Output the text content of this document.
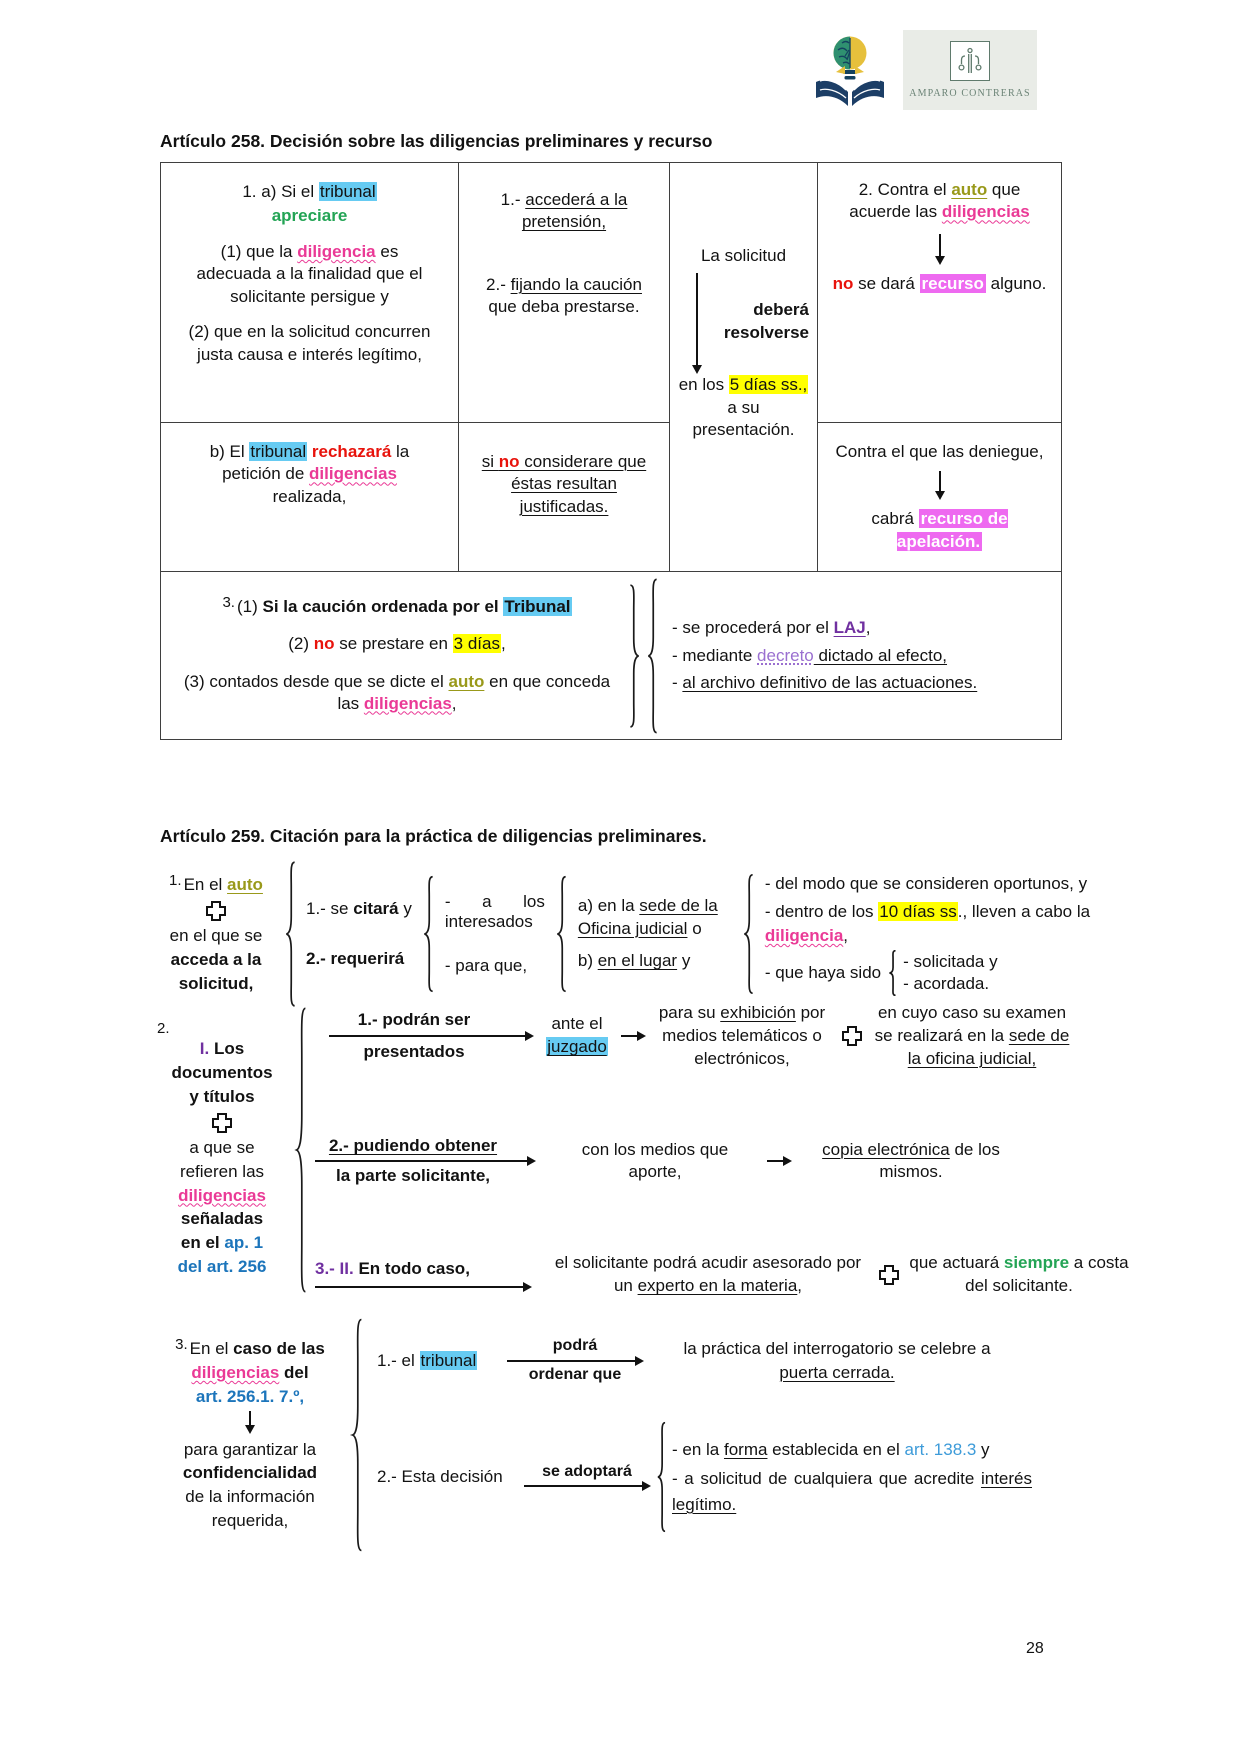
AMPARO CONTRERAS
Artículo 258. Decisión sobre las diligencias preliminares y recurso
1. a) Si el tribunal
apreciare
(1) que la diligencia es adecuada a la finalidad que el solicitante persigue y
(2) que en la solicitud concurren justa causa e interés legítimo,
1.- accederá a la pretensión,
2.- fijando la caución que deba prestarse.
La solicitud
deberá resolverse
en los 5 días ss., a su presentación.
2. Contra el auto que acuerde las diligencias
no se dará recurso alguno.
b) El tribunal rechazará la petición de diligencias realizada,
si no considerare que éstas resultan justificadas.
Contra el que las deniegue,
cabrá recurso de apelación.
3. (1) Si la caución ordenada por el Tribunal
(2) no se prestare en 3 días,
(3) contados desde que se dicte el auto en que conceda las diligencias,
- se procederá por el LAJ,
- mediante decreto dictado al efecto,
- al archivo definitivo de las actuaciones.
Artículo 259. Citación para la práctica de diligencias preliminares.
1. En el auto
en el que se
acceda a la
solicitud,
1.- se citará y
2.- requerirá
- a los interesados
- para que,
a) en la sede de la Oficina judicial o
b) en el lugar y
- del modo que se consideren oportunos, y
- dentro de los 10 días ss., lleven a cabo la diligencia,
- que haya sido
- solicitada y
- acordada.
2.
I. Los
documentos
y títulos
a que se
refieren las
diligencias
señaladas
en el ap. 1
del art. 256
1.- podrán ser
presentados
ante el
juzgado
para su exhibición por medios telemáticos o electrónicos,
en cuyo caso su examen se realizará en la sede de la oficina judicial,
2.- pudiendo obtener
la parte solicitante,
con los medios que aporte,
copia electrónica de los mismos.
3.- II. En todo caso,	el solicitante podrá acudir asesorado por un experto en la materia,
que actuará siempre a costa del solicitante.
3. En el caso de las
diligencias del
art. 256.1. 7.º,
para garantizar la
confidencialidad
de la información
requerida,
1.- el tribunal
podrá
ordenar que
la práctica del interrogatorio se celebre a
puerta cerrada.
2.- Esta decisión	se adoptará
- en la forma establecida en el art. 138.3 y
- a solicitud de cualquiera que acredite interés legítimo.
28
